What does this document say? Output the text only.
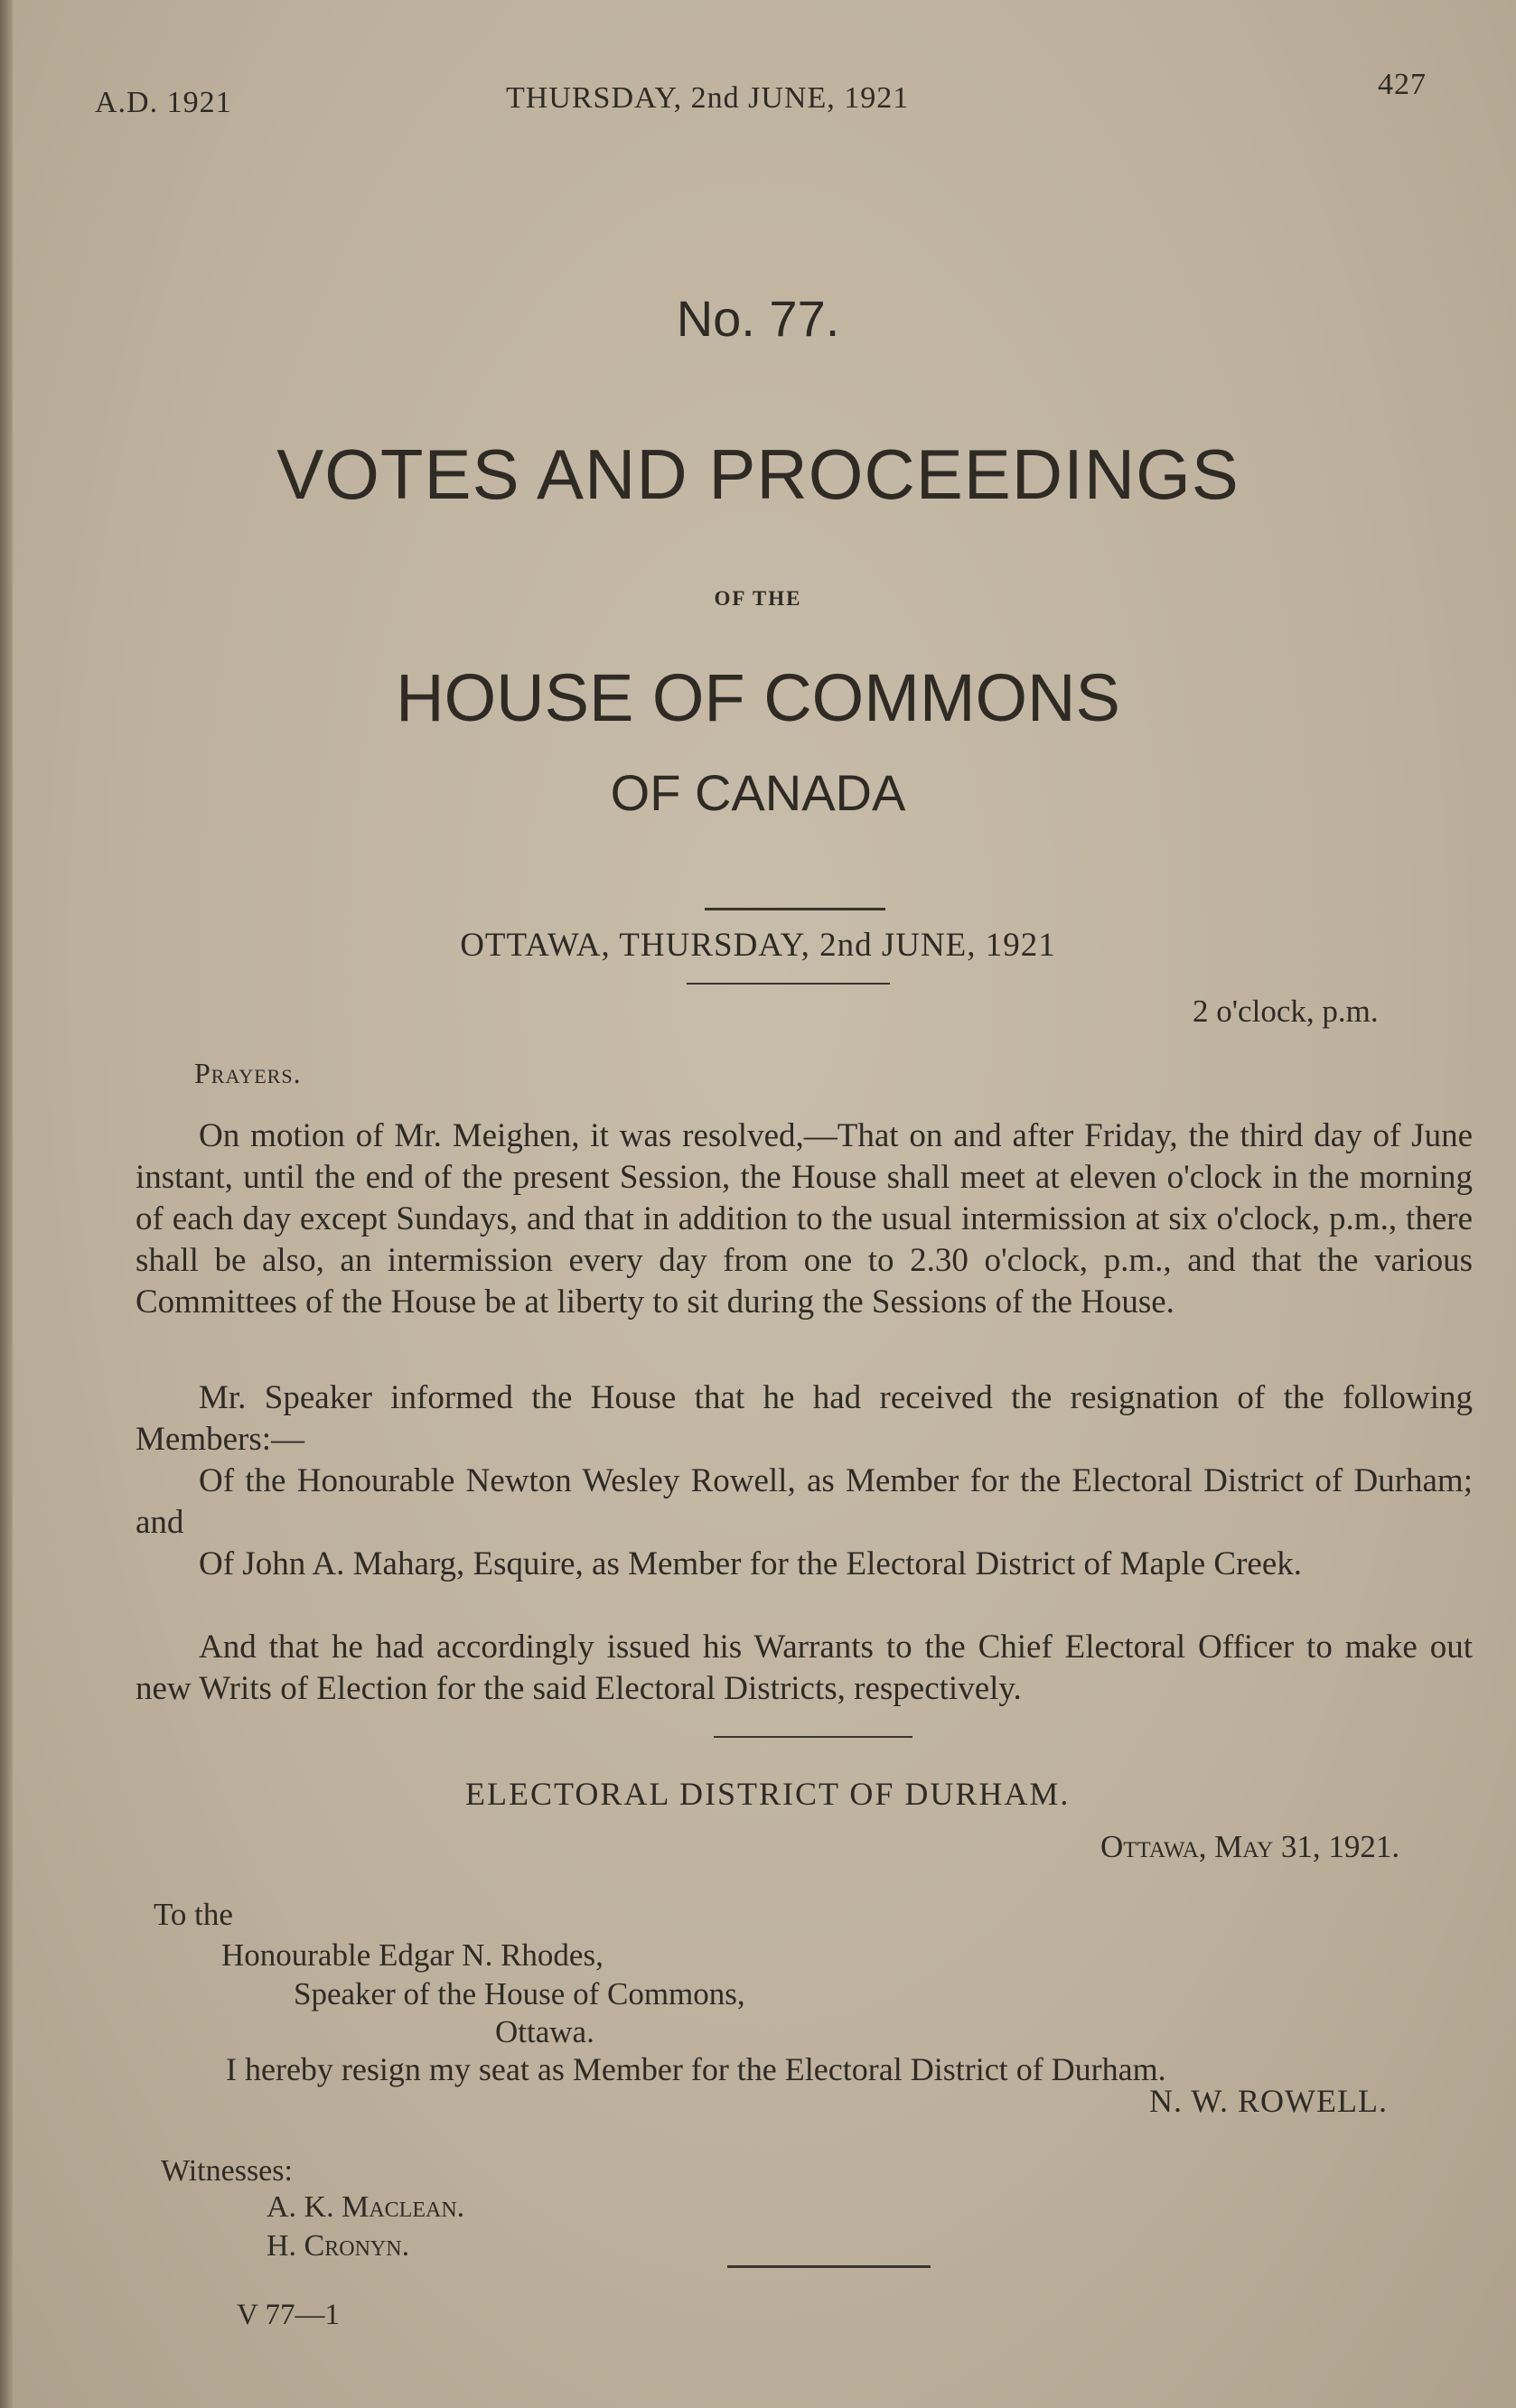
A.D. 1921	THURSDAY, 2nd JUNE, 1921	427
No. 77.
VOTES AND PROCEEDINGS
OF THE
HOUSE OF COMMONS
OF CANADA
OTTAWA, THURSDAY, 2nd JUNE, 1921
2 o'clock, p.m.
Prayers.
On motion of Mr. Meighen, it was resolved,—That on and after Friday, the third day of June instant, until the end of the present Session, the House shall meet at eleven o'clock in the morning of each day except Sundays, and that in addition to the usual intermission at six o'clock, p.m., there shall be also, an intermission every day from one to 2.30 o'clock, p.m., and that the various Committees of the House be at liberty to sit during the Sessions of the House.
Mr. Speaker informed the House that he had received the resignation of the following Members:—
Of the Honourable Newton Wesley Rowell, as Member for the Electoral District of Durham; and
Of John A. Maharg, Esquire, as Member for the Electoral District of Maple Creek.
And that he had accordingly issued his Warrants to the Chief Electoral Officer to make out new Writs of Election for the said Electoral Districts, respectively.
ELECTORAL DISTRICT OF DURHAM.
Ottawa, May 31, 1921.
To the
Honourable Edgar N. Rhodes,
Speaker of the House of Commons,
Ottawa.
I hereby resign my seat as Member for the Electoral District of Durham.
N. W. ROWELL.
Witnesses:
A. K. Maclean.
H. Cronyn.
V 77—1
